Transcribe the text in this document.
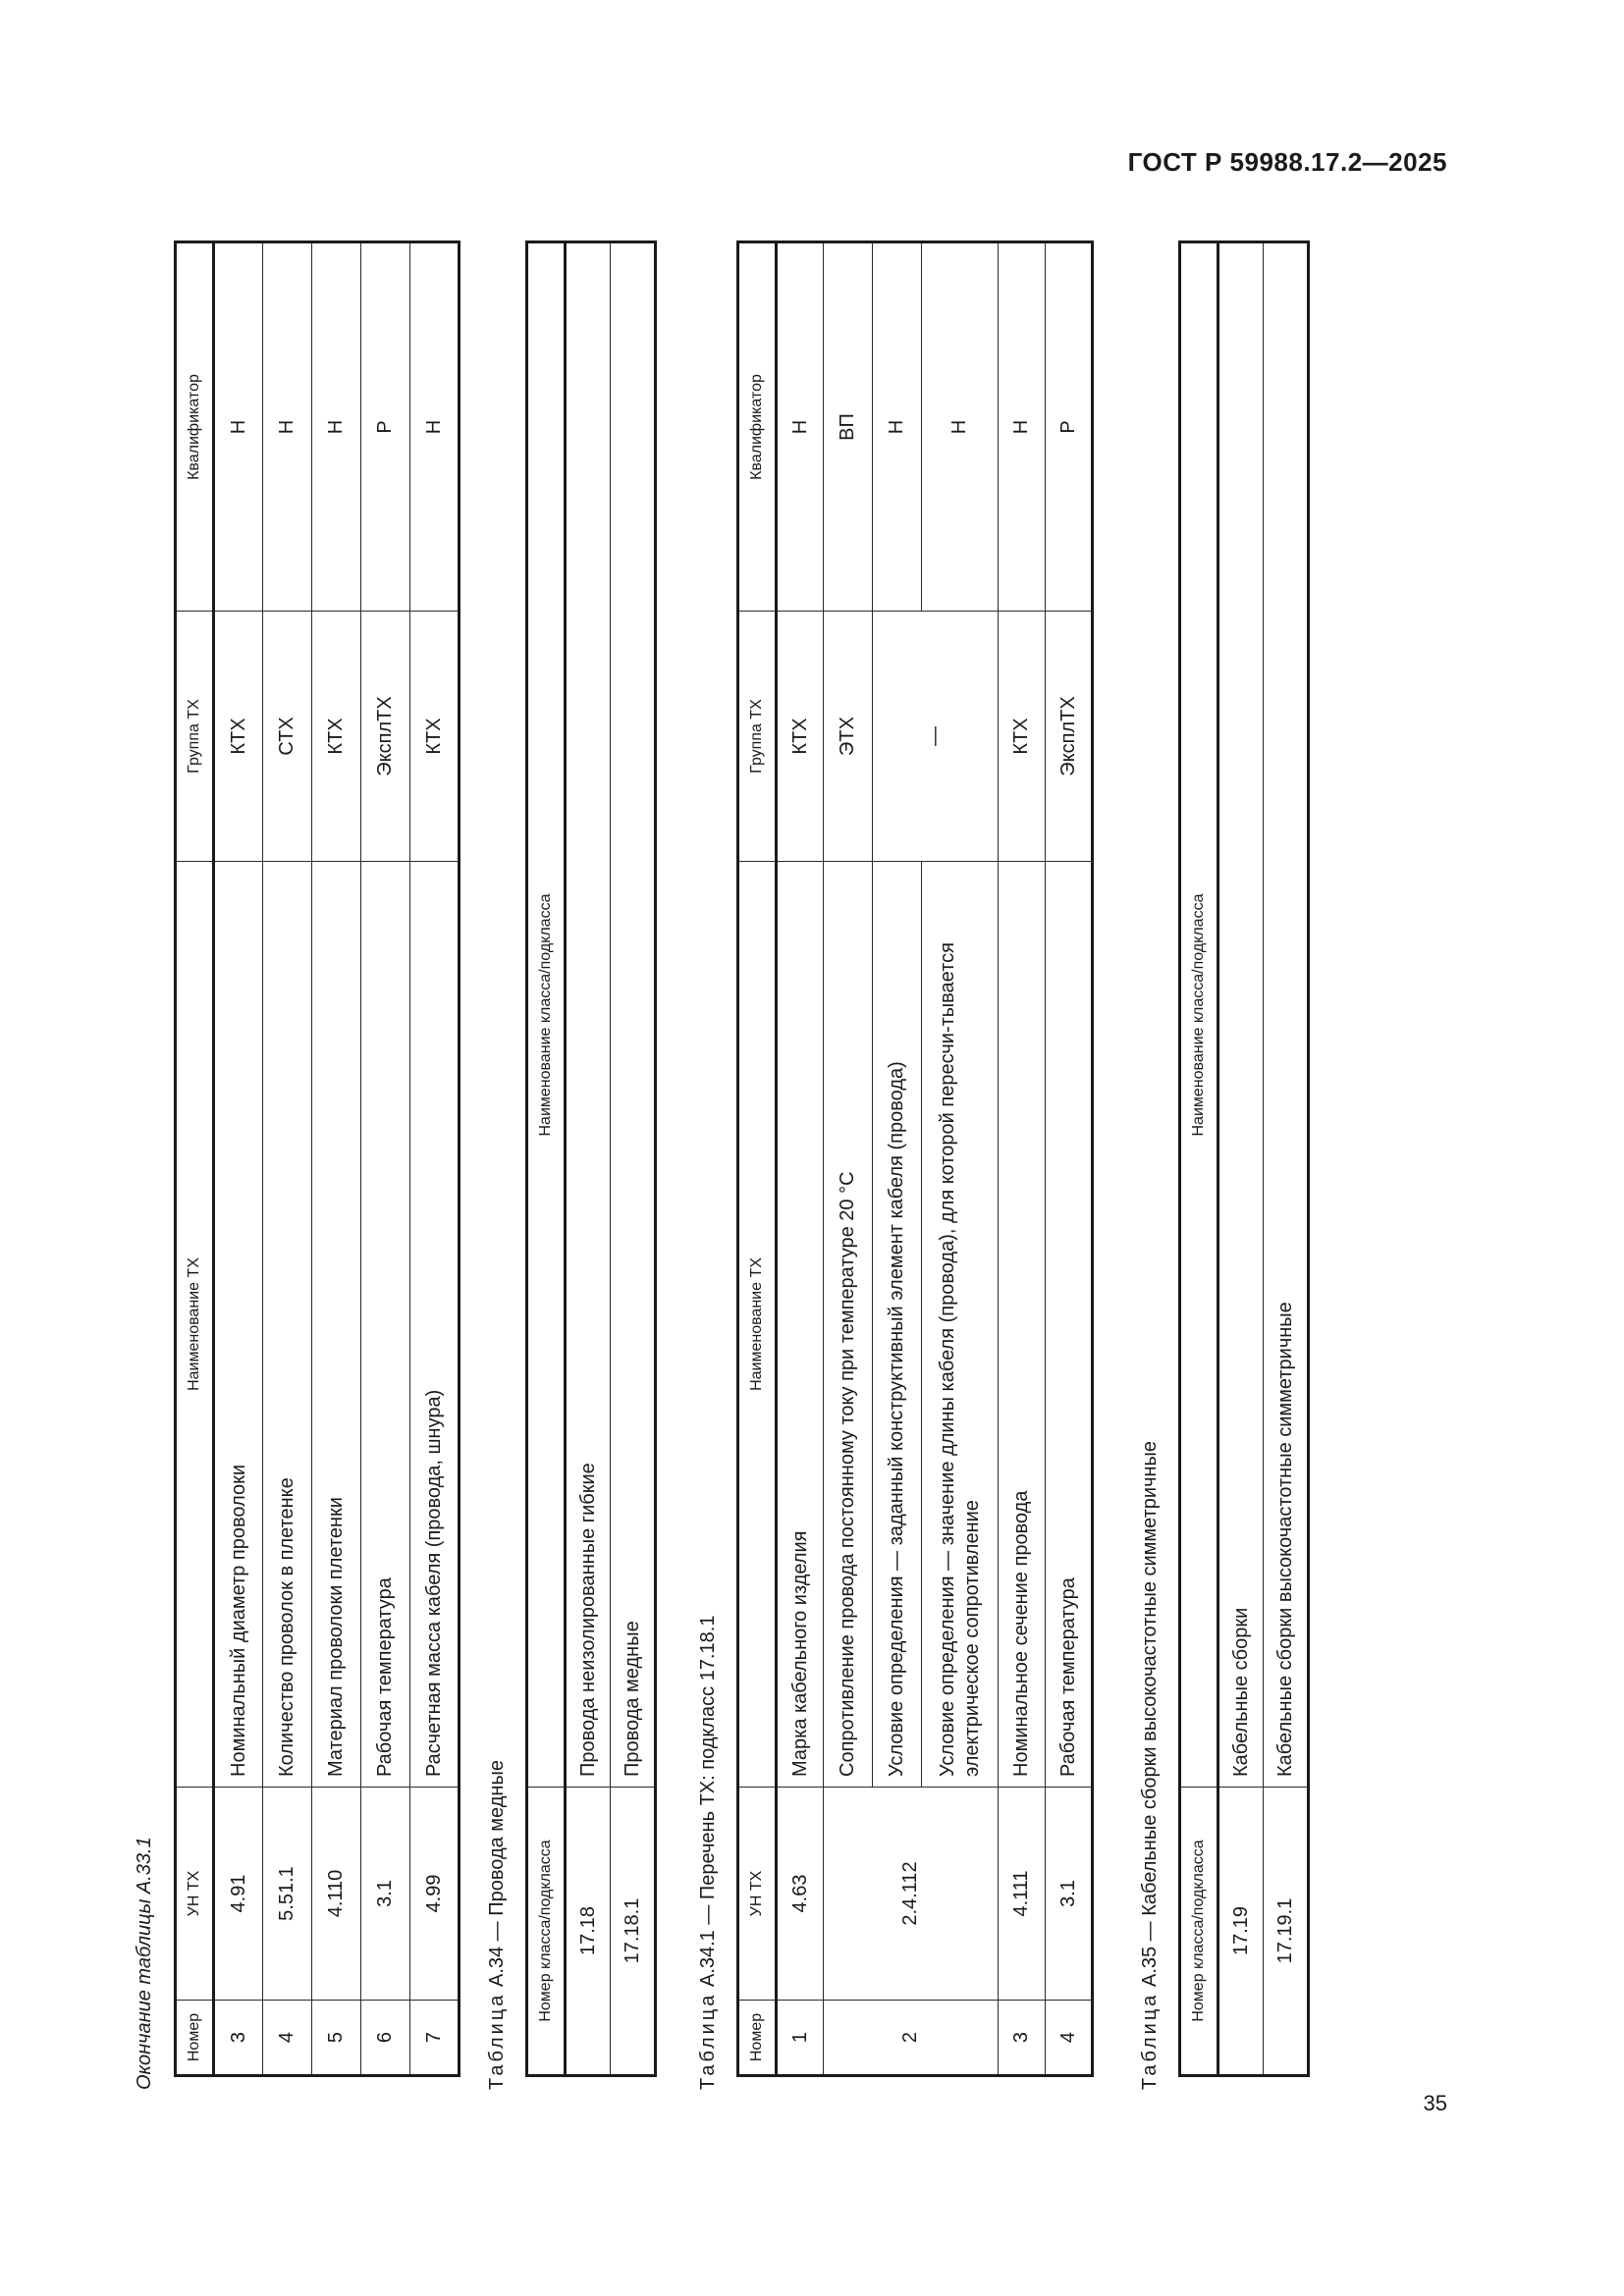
ГОСТ Р 59988.17.2—2025
35
Окончание таблицы А.33.1 Номер	УН ТХ	Наименование ТХ	Группа ТХ	Квалификатор
3	4.91	Номинальный диаметр проволоки	КТХ	Н
4	5.51.1	Количество проволок в плетенке	СТХ	Н
5	4.110	Материал проволоки плетенки	КТХ	Н
6	3.1	Рабочая температура	ЭксплТХ	Р
7	4.99	Расчетная масса кабеля (провода, шнура)	КТХ	Н
Таблица А.34 — Провода медные Номер класса/подкласса	Наименование класса/подкласса
17.18	Провода неизолированные гибкие
17.18.1	Провода медные
Таблица А.34.1 — Перечень ТХ: подкласс 17.18.1
Номер	УН ТХ	Наименование ТХ	Группа ТХ	Квалификатор
1	4.63	Марка кабельного изделия	КТХ	Н
2	2.4.112	Сопротивление провода постоянному току при температуре 20 °С	ЭТХ	ВП
		Условие определения — заданный конструктивный элемент кабеля (провода)	—	Н
		Условие определения — значение длины кабеля (провода), для которой пересчи-тывается электрическое сопротивление		Н
3	4.111	Номинальное сечение провода	КТХ	Н
4	3.1	Рабочая температура	ЭксплТХ	Р
Таблица А.35 — Кабельные сборки высокочастотные симметричные Номер класса/подкласса	Наименование класса/подкласса
17.19	Кабельные сборки
17.19.1	Кабельные сборки высокочастотные симметричные
